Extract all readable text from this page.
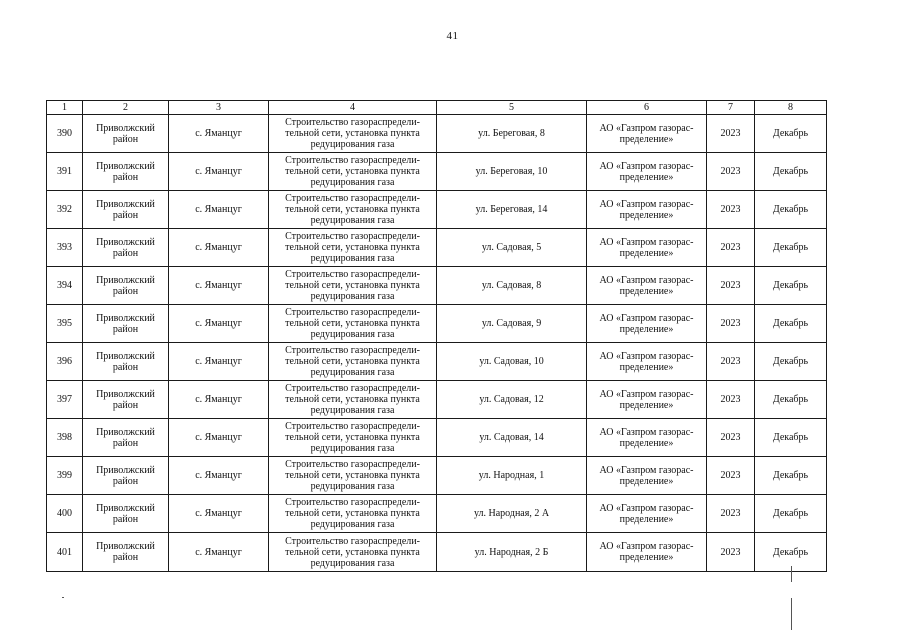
41
1	2	3	4	5	6	7	8
390	Приволжский район	с. Яманцуг	Строительство газораспредели-тельной сети, установка пункта редуцирования газа	ул. Береговая, 8	АО «Газпром газорас-пределение»	2023	Декабрь
391	Приволжский район	с. Яманцуг	Строительство газораспредели-тельной сети, установка пункта редуцирования газа	ул. Береговая, 10	АО «Газпром газорас-пределение»	2023	Декабрь
392	Приволжский район	с. Яманцуг	Строительство газораспредели-тельной сети, установка пункта редуцирования газа	ул. Береговая, 14	АО «Газпром газорас-пределение»	2023	Декабрь
393	Приволжский район	с. Яманцуг	Строительство газораспредели-тельной сети, установка пункта редуцирования газа	ул. Садовая, 5	АО «Газпром газорас-пределение»	2023	Декабрь
394	Приволжский район	с. Яманцуг	Строительство газораспредели-тельной сети, установка пункта редуцирования газа	ул. Садовая, 8	АО «Газпром газорас-пределение»	2023	Декабрь
395	Приволжский район	с. Яманцуг	Строительство газораспредели-тельной сети, установка пункта редуцирования газа	ул. Садовая, 9	АО «Газпром газорас-пределение»	2023	Декабрь
396	Приволжский район	с. Яманцуг	Строительство газораспредели-тельной сети, установка пункта редуцирования газа	ул. Садовая, 10	АО «Газпром газорас-пределение»	2023	Декабрь
397	Приволжский район	с. Яманцуг	Строительство газораспредели-тельной сети, установка пункта редуцирования газа	ул. Садовая, 12	АО «Газпром газорас-пределение»	2023	Декабрь
398	Приволжский район	с. Яманцуг	Строительство газораспредели-тельной сети, установка пункта редуцирования газа	ул. Садовая, 14	АО «Газпром газорас-пределение»	2023	Декабрь
399	Приволжский район	с. Яманцуг	Строительство газораспредели-тельной сети, установка пункта редуцирования газа	ул. Народная, 1	АО «Газпром газорас-пределение»	2023	Декабрь
400	Приволжский район	с. Яманцуг	Строительство газораспредели-тельной сети, установка пункта редуцирования газа	ул. Народная, 2 А	АО «Газпром газорас-пределение»	2023	Декабрь
401	Приволжский район	с. Яманцуг	Строительство газораспредели-тельной сети, установка пункта редуцирования газа	ул. Народная, 2 Б	АО «Газпром газорас-пределение»	2023	Декабрь
